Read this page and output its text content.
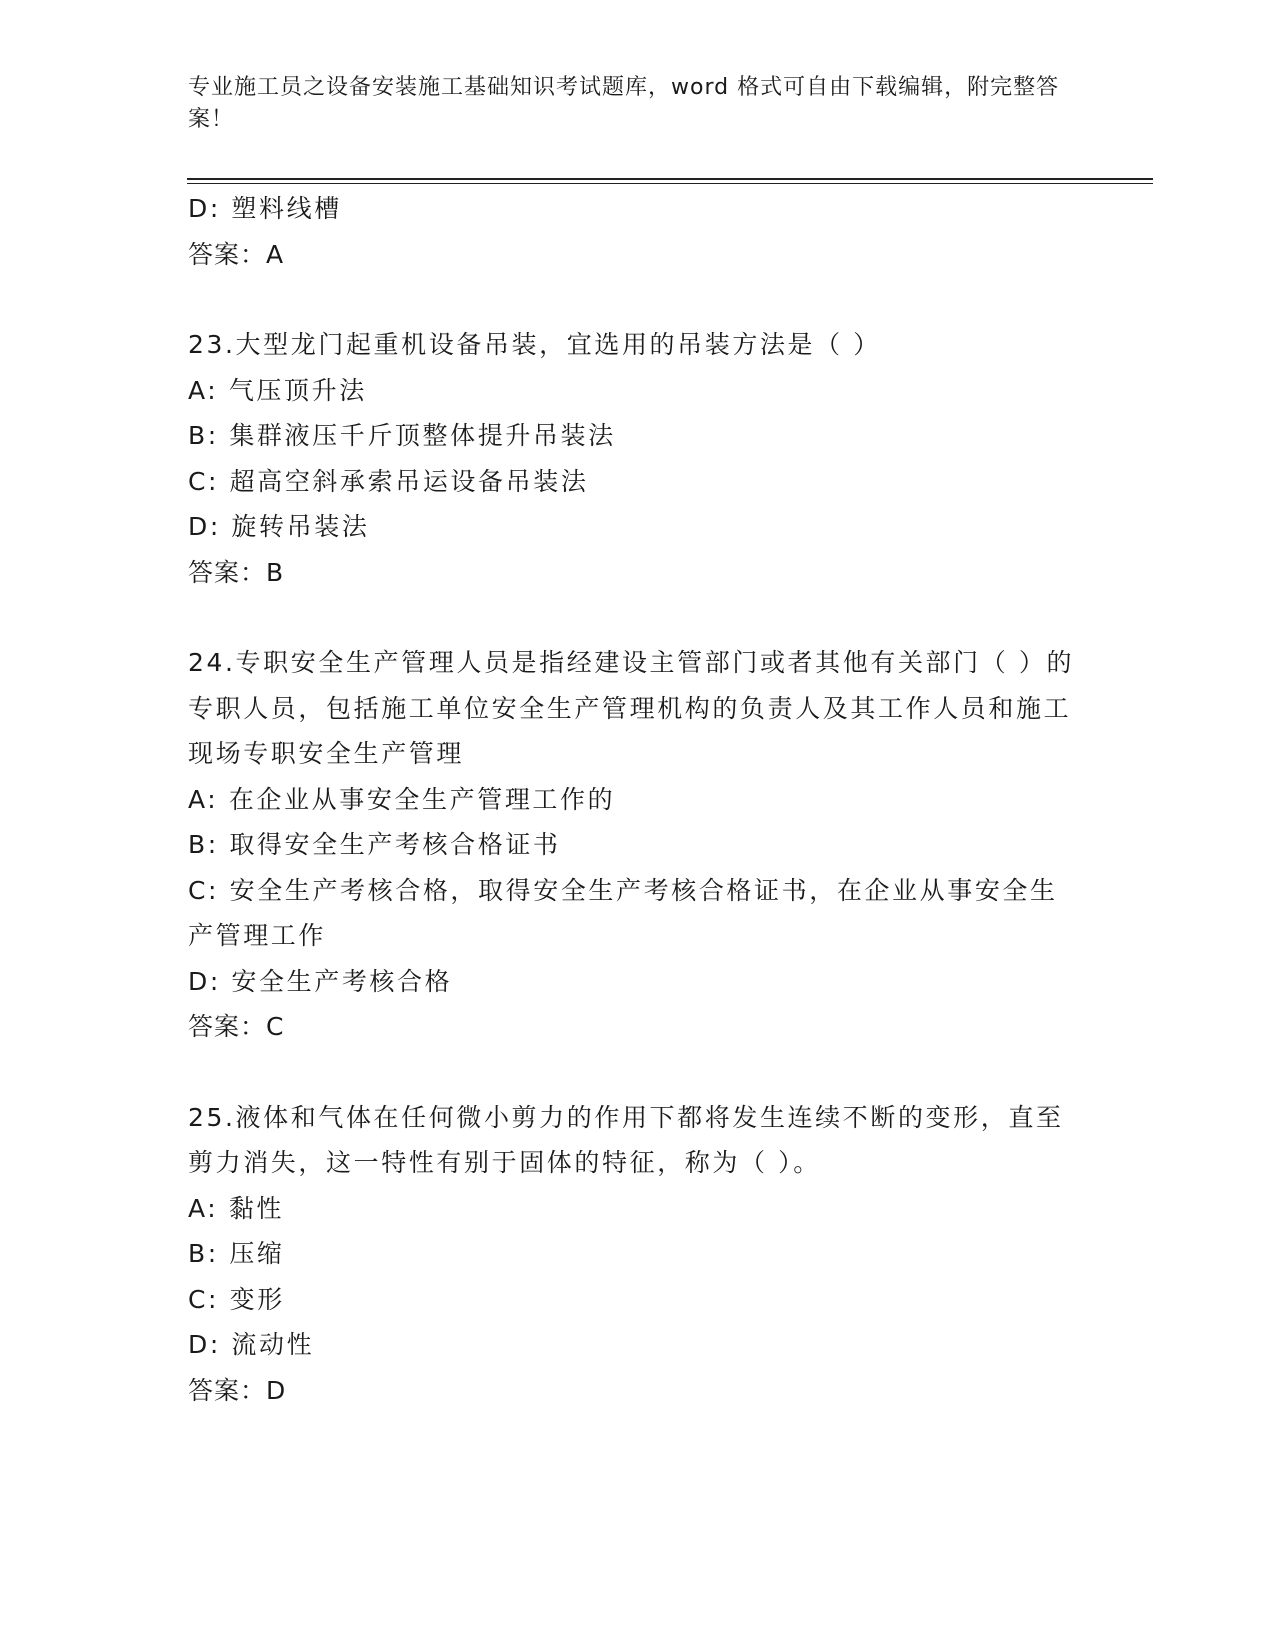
专业施工员之设备安装施工基础知识考试题库，word 格式可自由下载编辑，附完整答案！
D: 塑料线槽
答案：A
23.大型龙门起重机设备吊装，宜选用的吊装方法是（ ）
A: 气压顶升法
B: 集群液压千斤顶整体提升吊装法
C: 超高空斜承索吊运设备吊装法
D: 旋转吊装法
答案：B
24.专职安全生产管理人员是指经建设主管部门或者其他有关部门（ ）的专职人员，包括施工单位安全生产管理机构的负责人及其工作人员和施工现场专职安全生产管理
A: 在企业从事安全生产管理工作的
B: 取得安全生产考核合格证书
C: 安全生产考核合格，取得安全生产考核合格证书，在企业从事安全生产管理工作
D: 安全生产考核合格
答案：C
25.液体和气体在任何微小剪力的作用下都将发生连续不断的变形，直至剪力消失，这一特性有别于固体的特征，称为（ ）。
A: 黏性
B: 压缩
C: 变形
D: 流动性
答案：D
